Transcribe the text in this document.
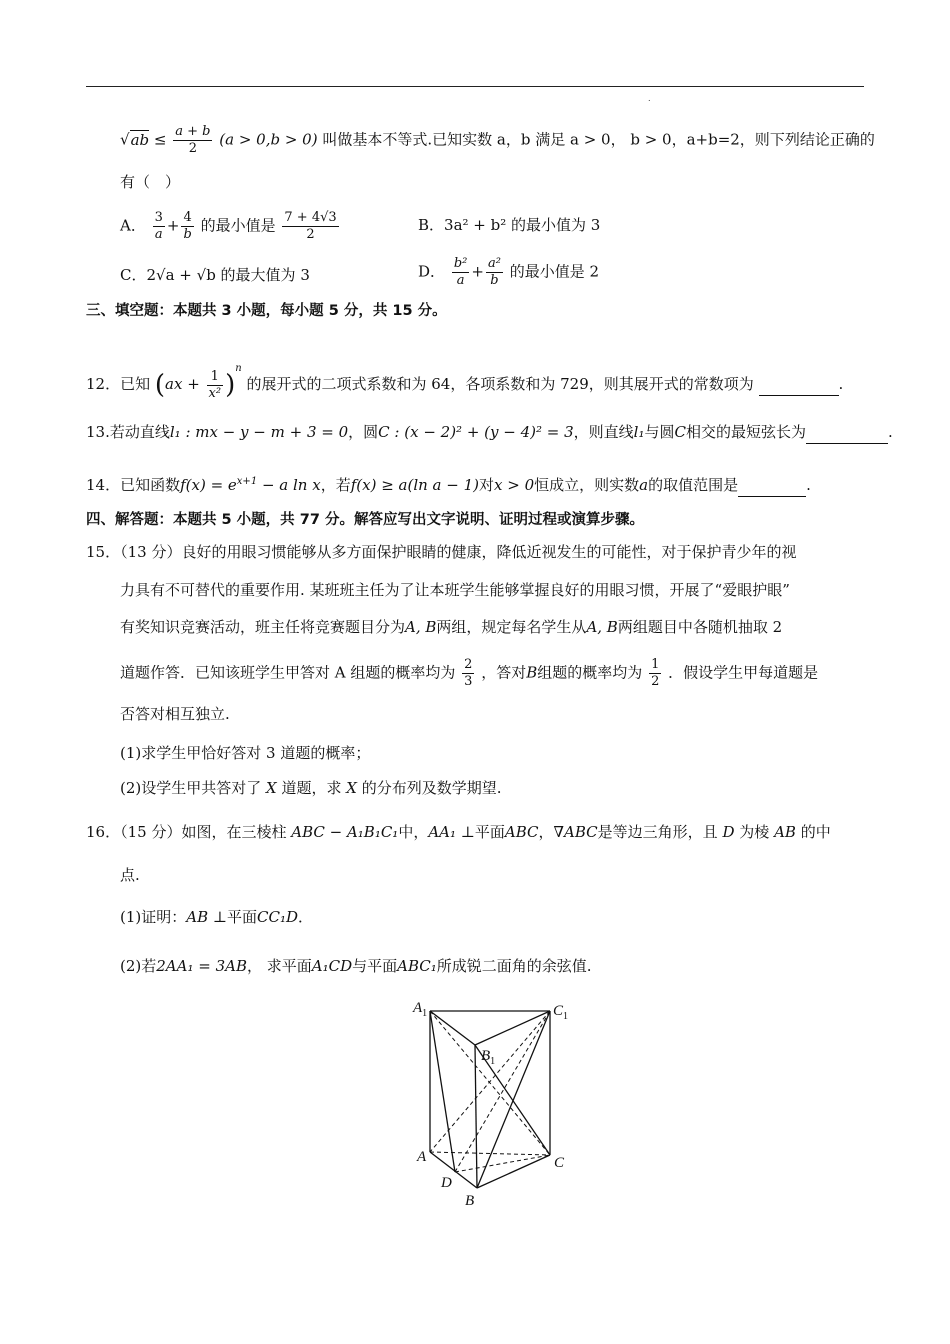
.
$√ab \le \frac{a + b}{2} (a > 0,b > 0)$ 叫做基本不等式.已知实数 a，b 满足 a > 0， b > 0，a+b=2，则下列结论正确的
有（　）
A． $\frac{3}{a} + \frac{4}{b}$ 的最小值是 $\frac{7 + 4√3}{2}$	B．3a² + b² 的最小值为 3
C．2√a + √b 的最大值为 3	D． $\frac{\text{b²}}{a} + \frac{\text{a²}}{b}$ 的最小值是 2
三、填空题：本题共 3 小题，每小题 5 分，共 15 分。
12．已知 $(ax + \frac{1}{\text{x²}} )^n$ 的展开式的二项式系数和为 64，各项系数和为 729，则其展开式的常数项为	.
13.若动直线l₁ : mx − y − m + 3 = 0，圆C : (x − 2)² + (y − 4)² = 3，则直线l₁与圆C相交的最短弦长为	.
14．已知函数$f(x) = e^{x+1} - a$ ln x，若f(x) ≥ a(ln a − 1)对x > 0恒成立，则实数a的取值范围是	.
四、解答题：本题共 5 小题，共 77 分。解答应写出文字说明、证明过程或演算步骤。
15．（13 分）良好的用眼习惯能够从多方面保护眼睛的健康，降低近视发生的可能性，对于保护青少年的视
力具有不可替代的重要作用. 某班班主任为了让本班学生能够掌握良好的用眼习惯，开展了“爱眼护眼”
有奖知识竞赛活动，班主任将竞赛题目分为A, B两组，规定每名学生从A, B两组题目中各随机抽取 2
道题作答．已知该班学生甲答对 A 组题的概率均为 $\frac{2}{3}$ ，答对B组题的概率均为 $\frac{1}{2}$ ．假设学生甲每道题是
否答对相互独立.
(1)求学生甲恰好答对 3 道题的概率；
(2)设学生甲共答对了 X 道题，求 X 的分布列及数学期望.
16．（15 分）如图，在三棱柱 ABC − A₁B₁C₁中，AA₁ ⊥平面ABC，∇ABC是等边三角形，且 D 为棱 AB 的中
点.
(1)证明：AB ⊥平面CC₁D．
(2)若2AA₁ = 3AB， 求平面A₁CD与平面ABC₁所成锐二面角的余弦值.
$A_1$	$C_1$
$B_1$
A	C
D
B
